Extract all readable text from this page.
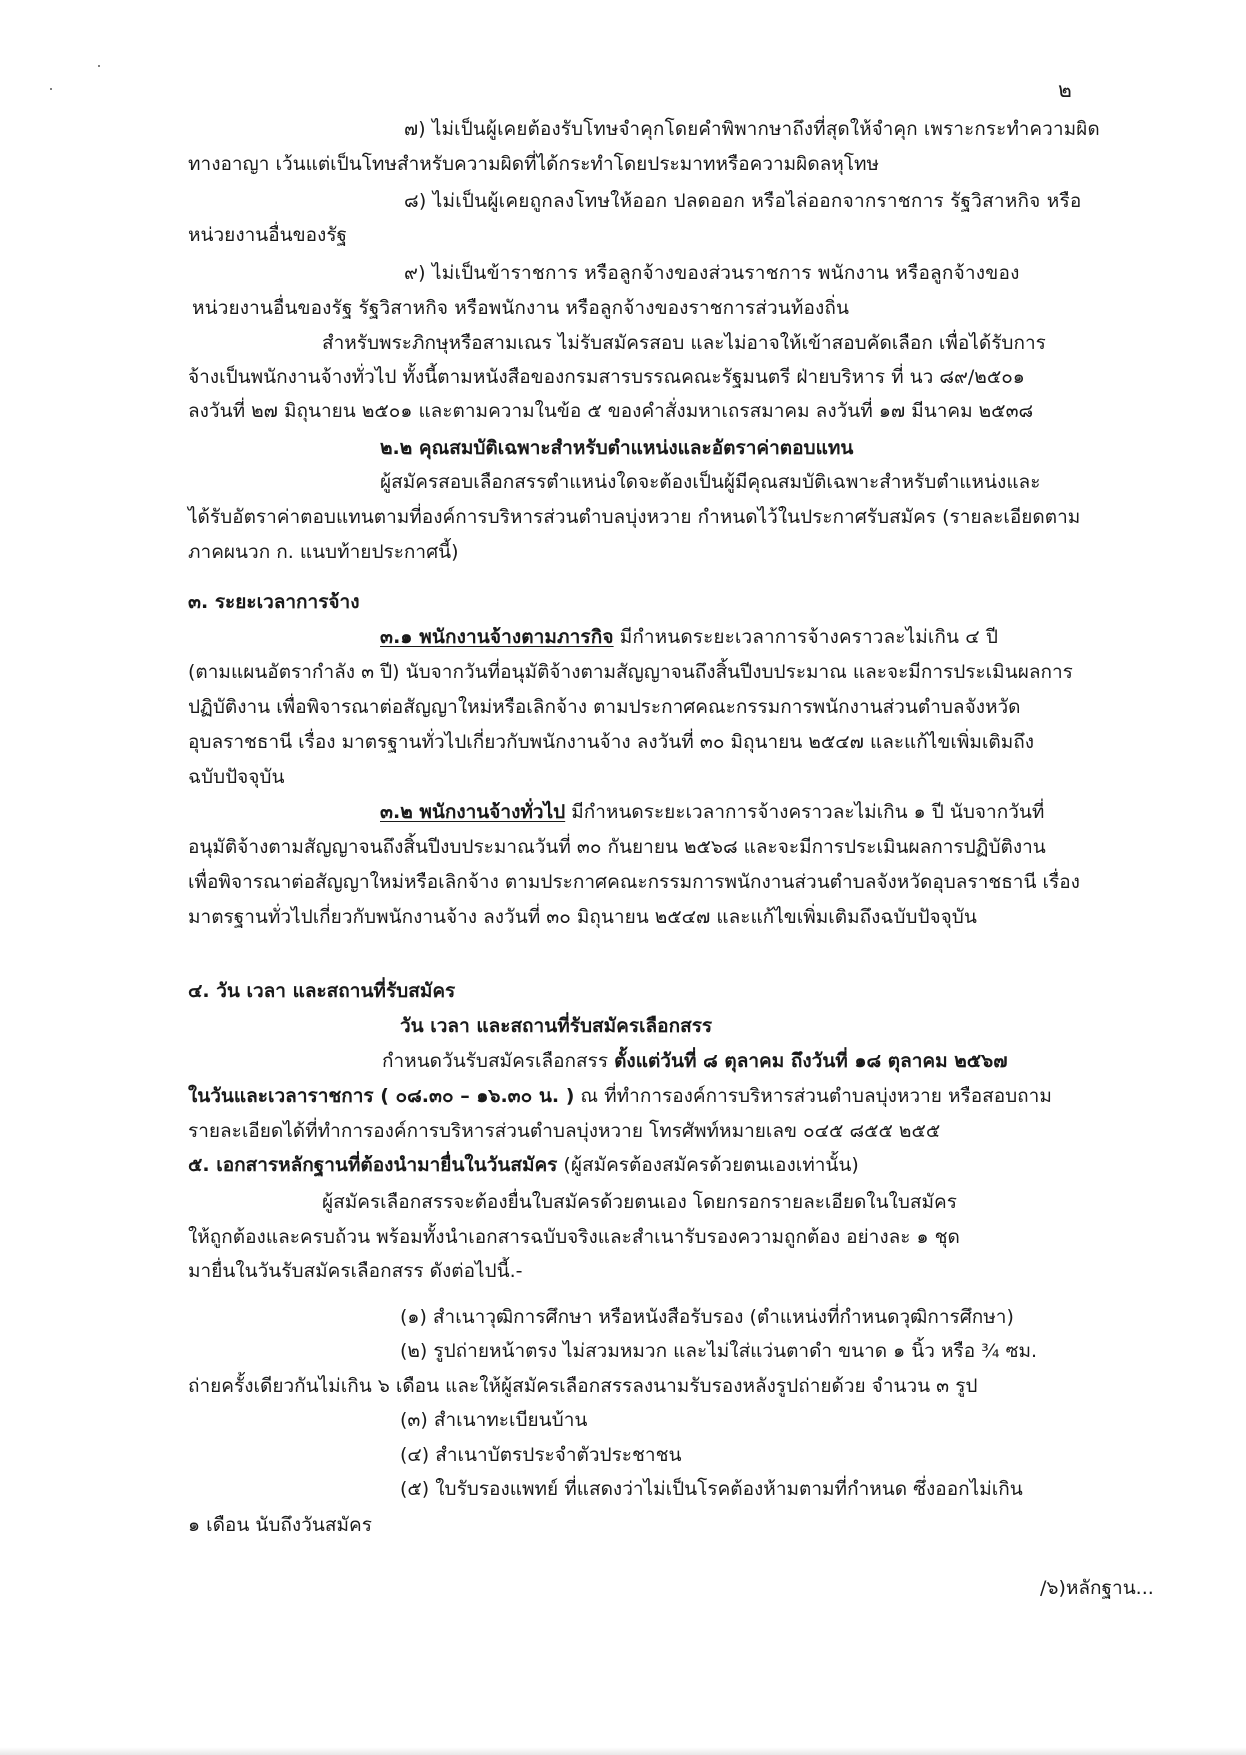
๒
๗) ไม่เป็นผู้เคยต้องรับโทษจำคุกโดยคำพิพากษาถึงที่สุดให้จำคุก เพราะกระทำความผิด
ทางอาญา เว้นแต่เป็นโทษสำหรับความผิดที่ได้กระทำโดยประมาทหรือความผิดลหุโทษ
๘) ไม่เป็นผู้เคยถูกลงโทษให้ออก ปลดออก หรือไล่ออกจากราชการ รัฐวิสาหกิจ หรือ
หน่วยงานอื่นของรัฐ
๙) ไม่เป็นข้าราชการ หรือลูกจ้างของส่วนราชการ พนักงาน หรือลูกจ้างของ
หน่วยงานอื่นของรัฐ รัฐวิสาหกิจ หรือพนักงาน หรือลูกจ้างของราชการส่วนท้องถิ่น
สำหรับพระภิกษุหรือสามเณร ไม่รับสมัครสอบ และไม่อาจให้เข้าสอบคัดเลือก เพื่อได้รับการ
จ้างเป็นพนักงานจ้างทั่วไป ทั้งนี้ตามหนังสือของกรมสารบรรณคณะรัฐมนตรี ฝ่ายบริหาร ที่ นว ๘๙/๒๕๐๑
ลงวันที่ ๒๗ มิถุนายน ๒๕๐๑ และตามความในข้อ ๕ ของคำสั่งมหาเถรสมาคม ลงวันที่ ๑๗ มีนาคม ๒๕๓๘
๒.๒ คุณสมบัติเฉพาะสำหรับตำแหน่งและอัตราค่าตอบแทน
ผู้สมัครสอบเลือกสรรตำแหน่งใดจะต้องเป็นผู้มีคุณสมบัติเฉพาะสำหรับตำแหน่งและ
ได้รับอัตราค่าตอบแทนตามที่องค์การบริหารส่วนตำบลบุ่งหวาย กำหนดไว้ในประกาศรับสมัคร (รายละเอียดตาม
ภาคผนวก ก. แนบท้ายประกาศนี้)
๓. ระยะเวลาการจ้าง
๓.๑ พนักงานจ้างตามภารกิจ มีกำหนดระยะเวลาการจ้างคราวละไม่เกิน ๔ ปี
(ตามแผนอัตรากำลัง ๓ ปี) นับจากวันที่อนุมัติจ้างตามสัญญาจนถึงสิ้นปีงบประมาณ และจะมีการประเมินผลการ
ปฏิบัติงาน เพื่อพิจารณาต่อสัญญาใหม่หรือเลิกจ้าง ตามประกาศคณะกรรมการพนักงานส่วนตำบลจังหวัด
อุบลราชธานี เรื่อง มาตรฐานทั่วไปเกี่ยวกับพนักงานจ้าง ลงวันที่ ๓๐ มิถุนายน ๒๕๔๗ และแก้ไขเพิ่มเติมถึง
ฉบับปัจจุบัน
๓.๒ พนักงานจ้างทั่วไป มีกำหนดระยะเวลาการจ้างคราวละไม่เกิน ๑ ปี นับจากวันที่
อนุมัติจ้างตามสัญญาจนถึงสิ้นปีงบประมาณวันที่ ๓๐ กันยายน ๒๕๖๘ และจะมีการประเมินผลการปฏิบัติงาน
เพื่อพิจารณาต่อสัญญาใหม่หรือเลิกจ้าง ตามประกาศคณะกรรมการพนักงานส่วนตำบลจังหวัดอุบลราชธานี เรื่อง
มาตรฐานทั่วไปเกี่ยวกับพนักงานจ้าง ลงวันที่ ๓๐ มิถุนายน ๒๕๔๗ และแก้ไขเพิ่มเติมถึงฉบับปัจจุบัน
๔. วัน เวลา และสถานที่รับสมัคร
วัน เวลา และสถานที่รับสมัครเลือกสรร
กำหนดวันรับสมัครเลือกสรร ตั้งแต่วันที่ ๘ ตุลาคม ถึงวันที่ ๑๘ ตุลาคม ๒๕๖๗
ในวันและเวลาราชการ ( ๐๘.๓๐ – ๑๖.๓๐ น. ) ณ ที่ทำการองค์การบริหารส่วนตำบลบุ่งหวาย หรือสอบถาม
รายละเอียดได้ที่ทำการองค์การบริหารส่วนตำบลบุ่งหวาย โทรศัพท์หมายเลข ๐๔๕ ๘๕๕ ๒๕๕
๕. เอกสารหลักฐานที่ต้องนำมายื่นในวันสมัคร (ผู้สมัครต้องสมัครด้วยตนเองเท่านั้น)
ผู้สมัครเลือกสรรจะต้องยื่นใบสมัครด้วยตนเอง โดยกรอกรายละเอียดในใบสมัคร
ให้ถูกต้องและครบถ้วน พร้อมทั้งนำเอกสารฉบับจริงและสำเนารับรองความถูกต้อง อย่างละ ๑ ชุด
มายื่นในวันรับสมัครเลือกสรร ดังต่อไปนี้.-
(๑) สำเนาวุฒิการศึกษา หรือหนังสือรับรอง (ตำแหน่งที่กำหนดวุฒิการศึกษา)
(๒) รูปถ่ายหน้าตรง ไม่สวมหมวก และไม่ใส่แว่นตาดำ ขนาด ๑ นิ้ว หรือ ¾ ซม.
ถ่ายครั้งเดียวกันไม่เกิน ๖ เดือน และให้ผู้สมัครเลือกสรรลงนามรับรองหลังรูปถ่ายด้วย จำนวน ๓ รูป
(๓) สำเนาทะเบียนบ้าน
(๔) สำเนาบัตรประจำตัวประชาชน
(๕) ใบรับรองแพทย์ ที่แสดงว่าไม่เป็นโรคต้องห้ามตามที่กำหนด ซึ่งออกไม่เกิน
๑ เดือน นับถึงวันสมัคร
/๖)หลักฐาน...
